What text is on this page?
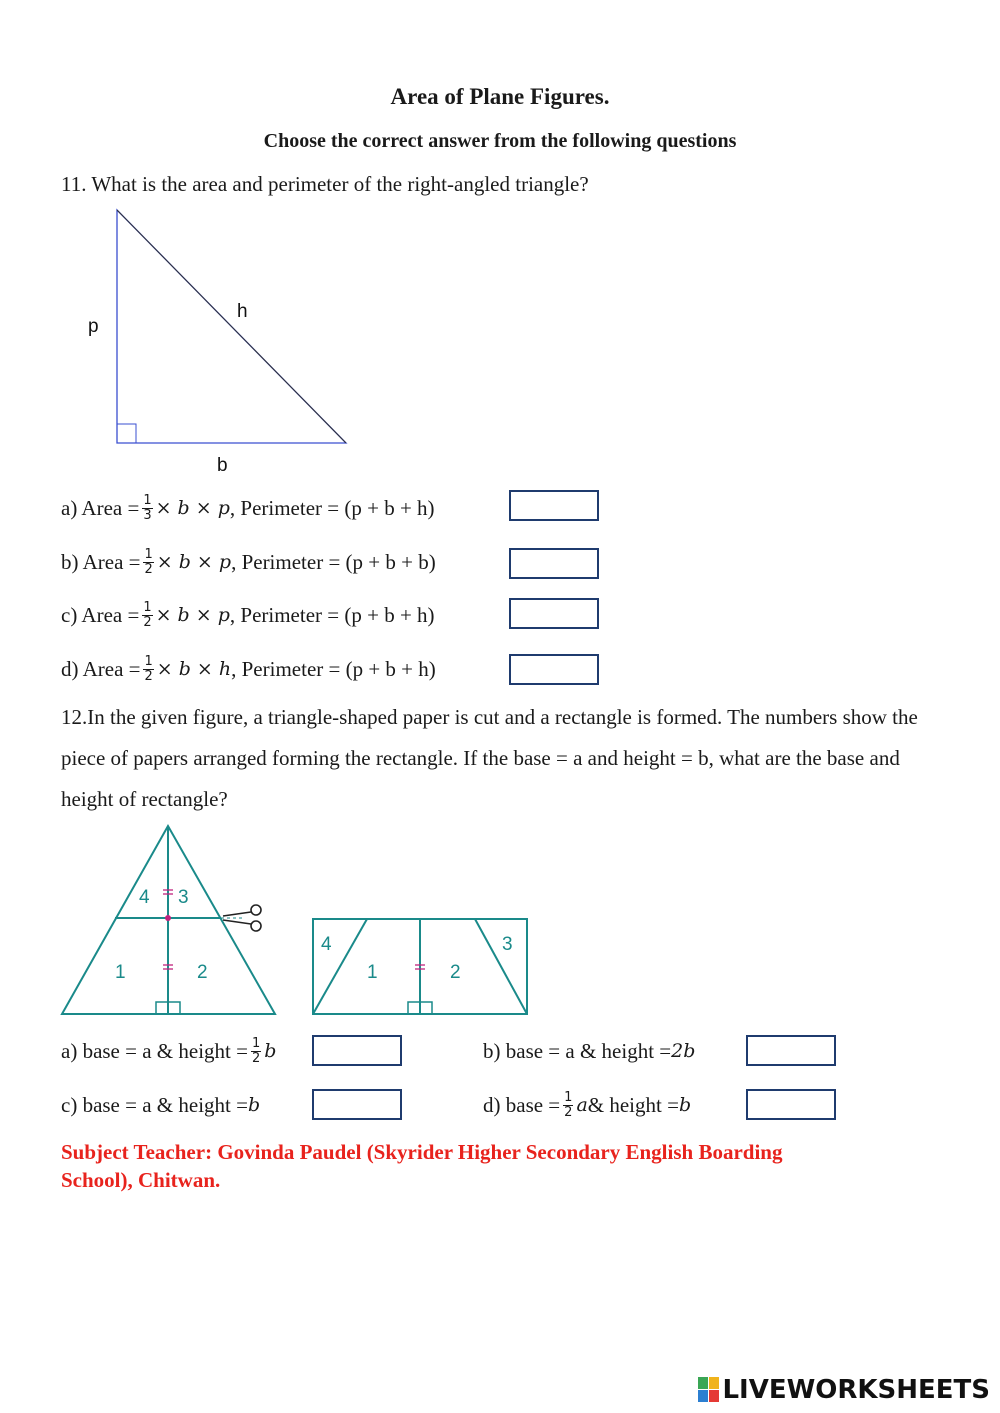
Area of Plane Figures.
Choose the correct answer from the following questions
11. What is the area and perimeter of the right-angled triangle?
p
h
b
a) Area = $\frac{1}{3} \times b \times p$ , Perimeter = (p + b + h)
b) Area = $\frac{1}{2} \times b \times p$ , Perimeter = (p + b + b)
c) Area = $\frac{1}{2} \times b \times p$ , Perimeter = (p + b + h)
d) Area = $\frac{1}{2} \times b \times h$ , Perimeter = (p + b + h)
12.In the given figure, a triangle-shaped paper is cut and a rectangle is formed. The numbers show the piece of papers arranged forming the rectangle. If the base = a and height = b, what are the base and height of rectangle?
4 3
1	2
4
1	2
3
a) base = a & height = $\frac{1}{2}$ b	b) base = a & height = 2b
c) base = a & height = b	d) base = $\frac{1}{2}$ a & height = b
Subject Teacher: Govinda Paudel (Skyrider Higher Secondary English Boarding
School), Chitwan.
LIVEWORKSHEETS
